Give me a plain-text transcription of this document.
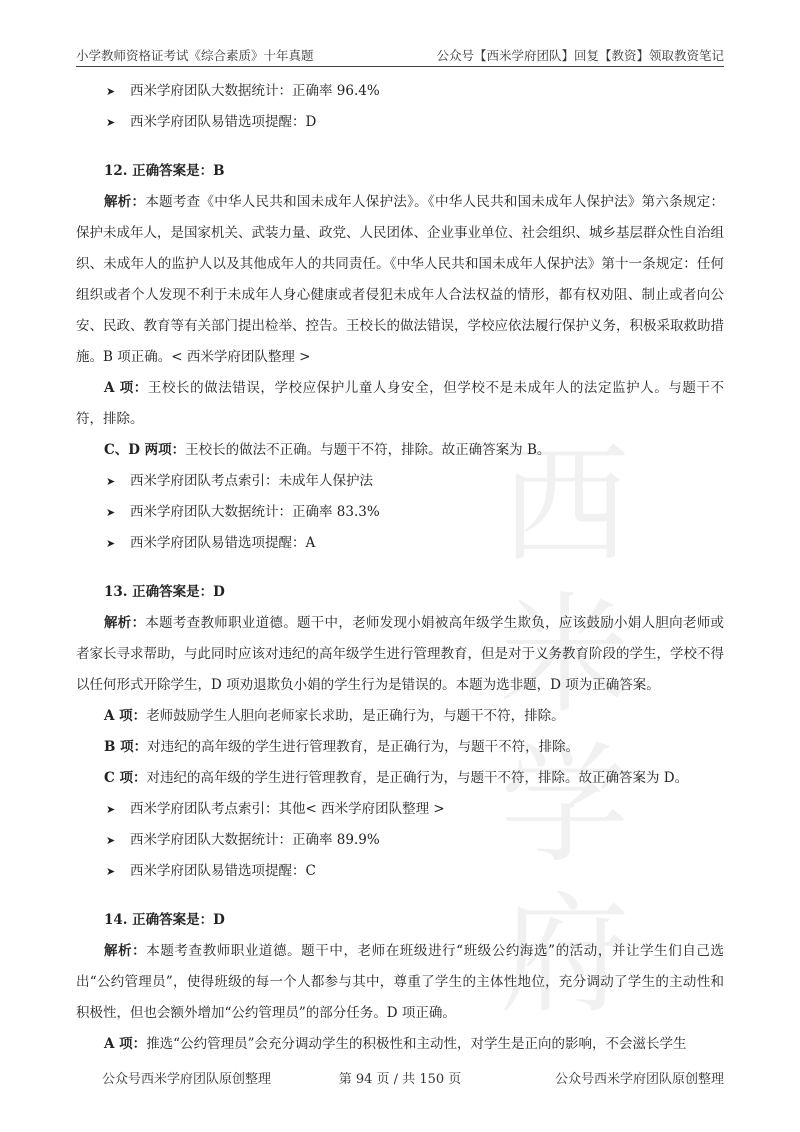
小学教师资格证考试《综合素质》十年真题	公众号【西米学府团队】回复【教资】领取教资笔记
西
米
学
府
➤ 西米学府团队大数据统计：正确率 96.4%
➤ 西米学府团队易错选项提醒：D
12. 正确答案是：B
解析：本题考查《中华人民共和国未成年人保护法》。《中华人民共和国未成年人保护法》第六条规定：保护未成年人，是国家机关、武装力量、政党、人民团体、企业事业单位、社会组织、城乡基层群众性自治组织、未成年人的监护人以及其他成年人的共同责任。《中华人民共和国未成年人保护法》第十一条规定：任何组织或者个人发现不利于未成年人身心健康或者侵犯未成年人合法权益的情形，都有权劝阻、制止或者向公安、民政、教育等有关部门提出检举、控告。王校长的做法错误，学校应依法履行保护义务，积极采取救助措施。B 项正确。< 西米学府团队整理 >
A 项：王校长的做法错误，学校应保护儿童人身安全，但学校不是未成年人的法定监护人。与题干不符，排除。
C、D 两项：王校长的做法不正确。与题干不符，排除。故正确答案为 B。
➤ 西米学府团队考点索引：未成年人保护法
➤ 西米学府团队大数据统计：正确率 83.3%
➤ 西米学府团队易错选项提醒：A
13. 正确答案是：D
解析：本题考查教师职业道德。题干中，老师发现小娟被高年级学生欺负，应该鼓励小娟人胆向老师或者家长寻求帮助，与此同时应该对违纪的高年级学生进行管理教育，但是对于义务教育阶段的学生，学校不得以任何形式开除学生，D 项劝退欺负小娟的学生行为是错误的。本题为选非题，D 项为正确答案。
A 项：老师鼓励学生人胆向老师家长求助，是正确行为，与题干不符，排除。
B 项：对违纪的高年级的学生进行管理教育，是正确行为，与题干不符，排除。
C 项：对违纪的高年级的学生进行管理教育，是正确行为，与题干不符，排除。故正确答案为 D。
➤ 西米学府团队考点索引：其他< 西米学府团队整理 >
➤ 西米学府团队大数据统计：正确率 89.9%
➤ 西米学府团队易错选项提醒：C
14. 正确答案是：D
解析：本题考查教师职业道德。题干中，老师在班级进行“班级公约海选”的活动，并让学生们自己选出“公约管理员”，使得班级的每一个人都参与其中，尊重了学生的主体性地位，充分调动了学生的主动性和积极性，但也会额外增加“公约管理员”的部分任务。D 项正确。
A 项：推选“公约管理员”会充分调动学生的积极性和主动性，对学生是正向的影响，不会滋长学生
公众号西米学府团队原创整理	第 94 页 / 共 150 页	公众号西米学府团队原创整理
